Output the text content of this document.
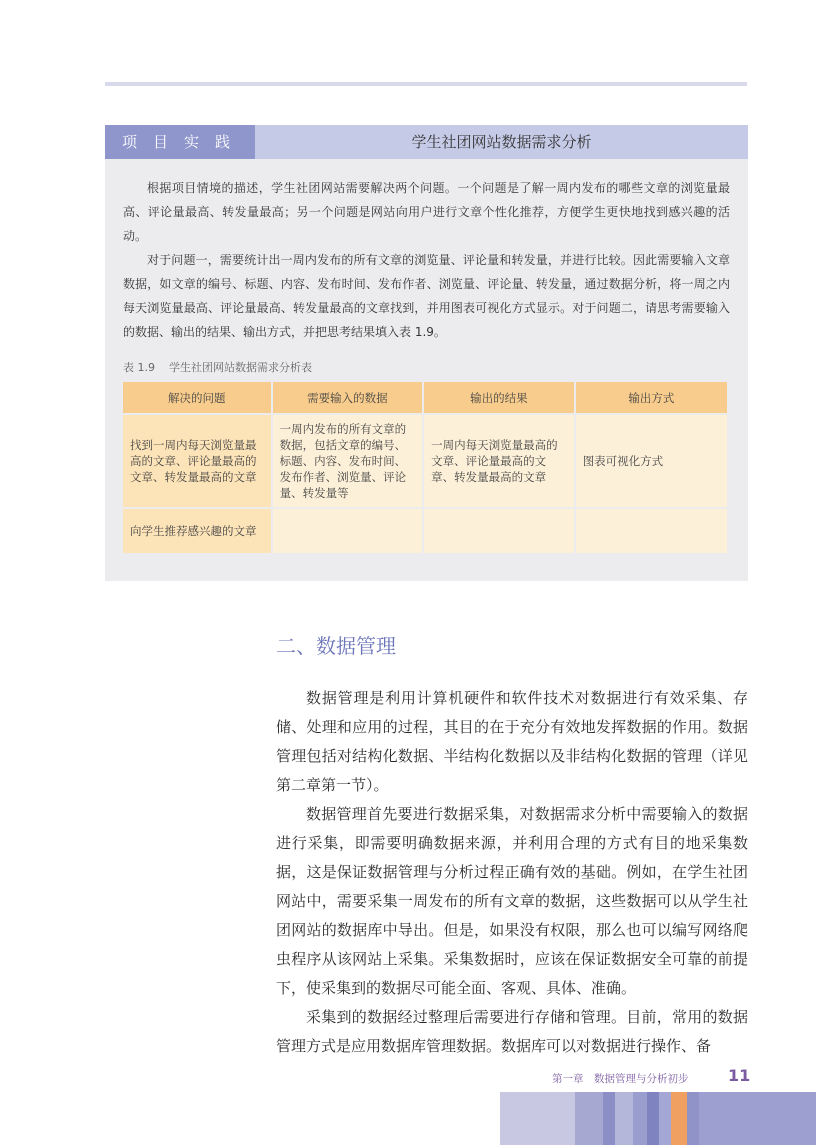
项目实践	学生社团网站数据需求分析

根据项目情境的描述，学生社团网站需要解决两个问题。一个问题是了解一周内发布的哪些文章的浏览量最高、评论量最高、转发量最高；另一个问题是网站向用户进行文章个性化推荐，方便学生更快地找到感兴趣的活动。

对于问题一，需要统计出一周内发布的所有文章的浏览量、评论量和转发量，并进行比较。因此需要输入文章数据，如文章的编号、标题、内容、发布时间、发布作者、浏览量、评论量、转发量，通过数据分析，将一周之内每天浏览量最高、评论量最高、转发量最高的文章找到，并用图表可视化方式显示。对于问题二，请思考需要输入的数据、输出的结果、输出方式，并把思考结果填入表 1.9。

表 1.9 学生社团网站数据需求分析表
解决的问题	需要输入的数据	输出的结果	输出方式
找到一周内每天浏览量最高的文章、评论量最高的文章、转发量最高的文章	一周内发布的所有文章的数据，包括文章的编号、标题、内容、发布时间、发布作者、浏览量、评论量、转发量等	一周内每天浏览量最高的文章、评论量最高的文章、转发量最高的文章	图表可视化方式
向学生推荐感兴趣的文章			
二、数据管理

数据管理是利用计算机硬件和软件技术对数据进行有效采集、存储、处理和应用的过程，其目的在于充分有效地发挥数据的作用。数据管理包括对结构化数据、半结构化数据以及非结构化数据的管理（详见第二章第一节）。

数据管理首先要进行数据采集，对数据需求分析中需要输入的数据进行采集，即需要明确数据来源，并利用合理的方式有目的地采集数据，这是保证数据管理与分析过程正确有效的基础。例如，在学生社团网站中，需要采集一周发布的所有文章的数据，这些数据可以从学生社团网站的数据库中导出。但是，如果没有权限，那么也可以编写网络爬虫程序从该网站上采集。采集数据时，应该在保证数据安全可靠的前提下，使采集到的数据尽可能全面、客观、具体、准确。

采集到的数据经过整理后需要进行存储和管理。目前，常用的数据管理方式是应用数据库管理数据。数据库可以对数据进行操作、备

第一章　数据管理与分析初步 11
